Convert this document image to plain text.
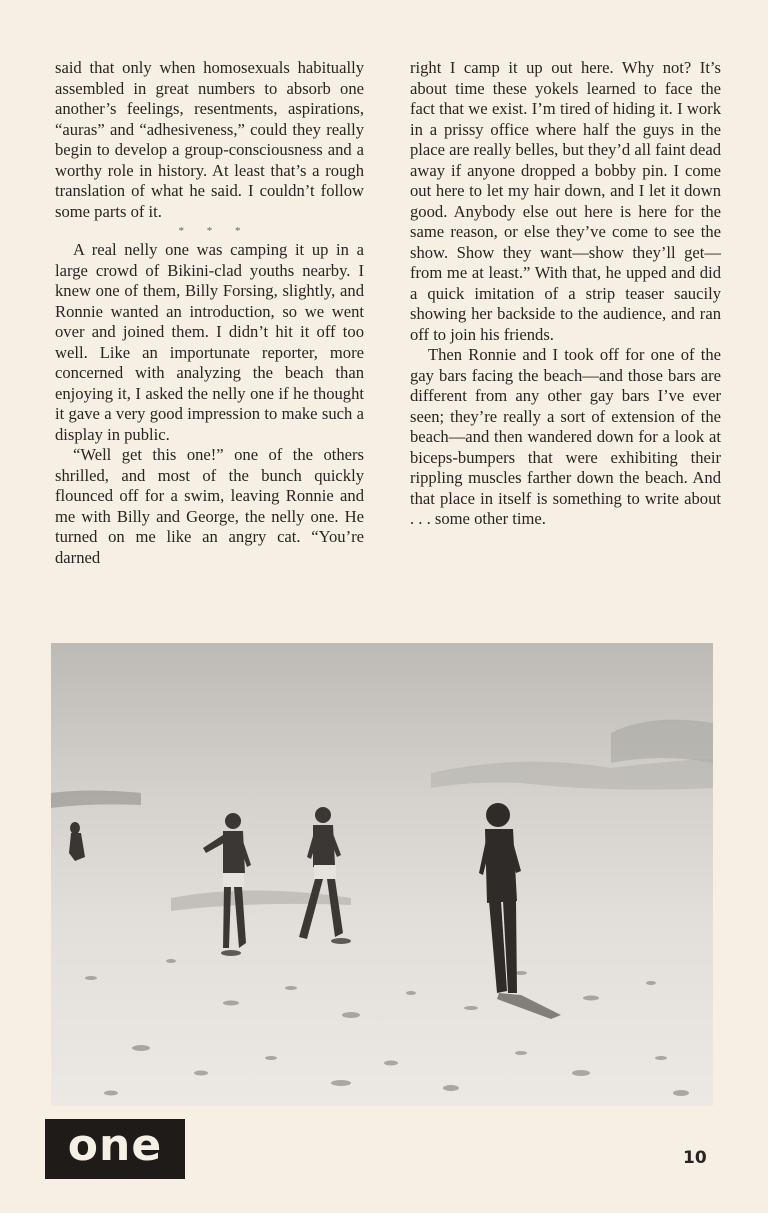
said that only when homosexuals habitually assembled in great numbers to absorb one another’s feelings, resentments, aspirations, “auras” and “adhesiveness,” could they really begin to develop a group-consciousness and a worthy role in history. At least that’s a rough translation of what he said. I couldn’t follow some parts of it.

* * *

A real nelly one was camping it up in a large crowd of Bikini-clad youths nearby. I knew one of them, Billy Forsing, slightly, and Ronnie wanted an introduction, so we went over and joined them. I didn’t hit it off too well. Like an importunate reporter, more concerned with analyzing the beach than enjoying it, I asked the nelly one if he thought it gave a very good impression to make such a display in public.

“Well get this one!” one of the others shrilled, and most of the bunch quickly flounced off for a swim, leaving Ronnie and me with Billy and George, the nelly one. He turned on me like an angry cat. “You’re darned

right I camp it up out here. Why not? It’s about time these yokels learned to face the fact that we exist. I’m tired of hiding it. I work in a prissy office where half the guys in the place are really belles, but they’d all faint dead away if anyone dropped a bobby pin. I come out here to let my hair down, and I let it down good. Anybody else out here is here for the same reason, or else they’ve come to see the show. Show they want—show they’ll get—from me at least.” With that, he upped and did a quick imitation of a strip teaser saucily showing her backside to the audience, and ran off to join his friends.

Then Ronnie and I took off for one of the gay bars facing the beach—and those bars are different from any other gay bars I’ve ever seen; they’re really a sort of extension of the beach—and then wandered down for a look at biceps-bumpers that were exhibiting their rippling muscles farther down the beach. And that place in itself is something to write about . . . some other time.

one	10
